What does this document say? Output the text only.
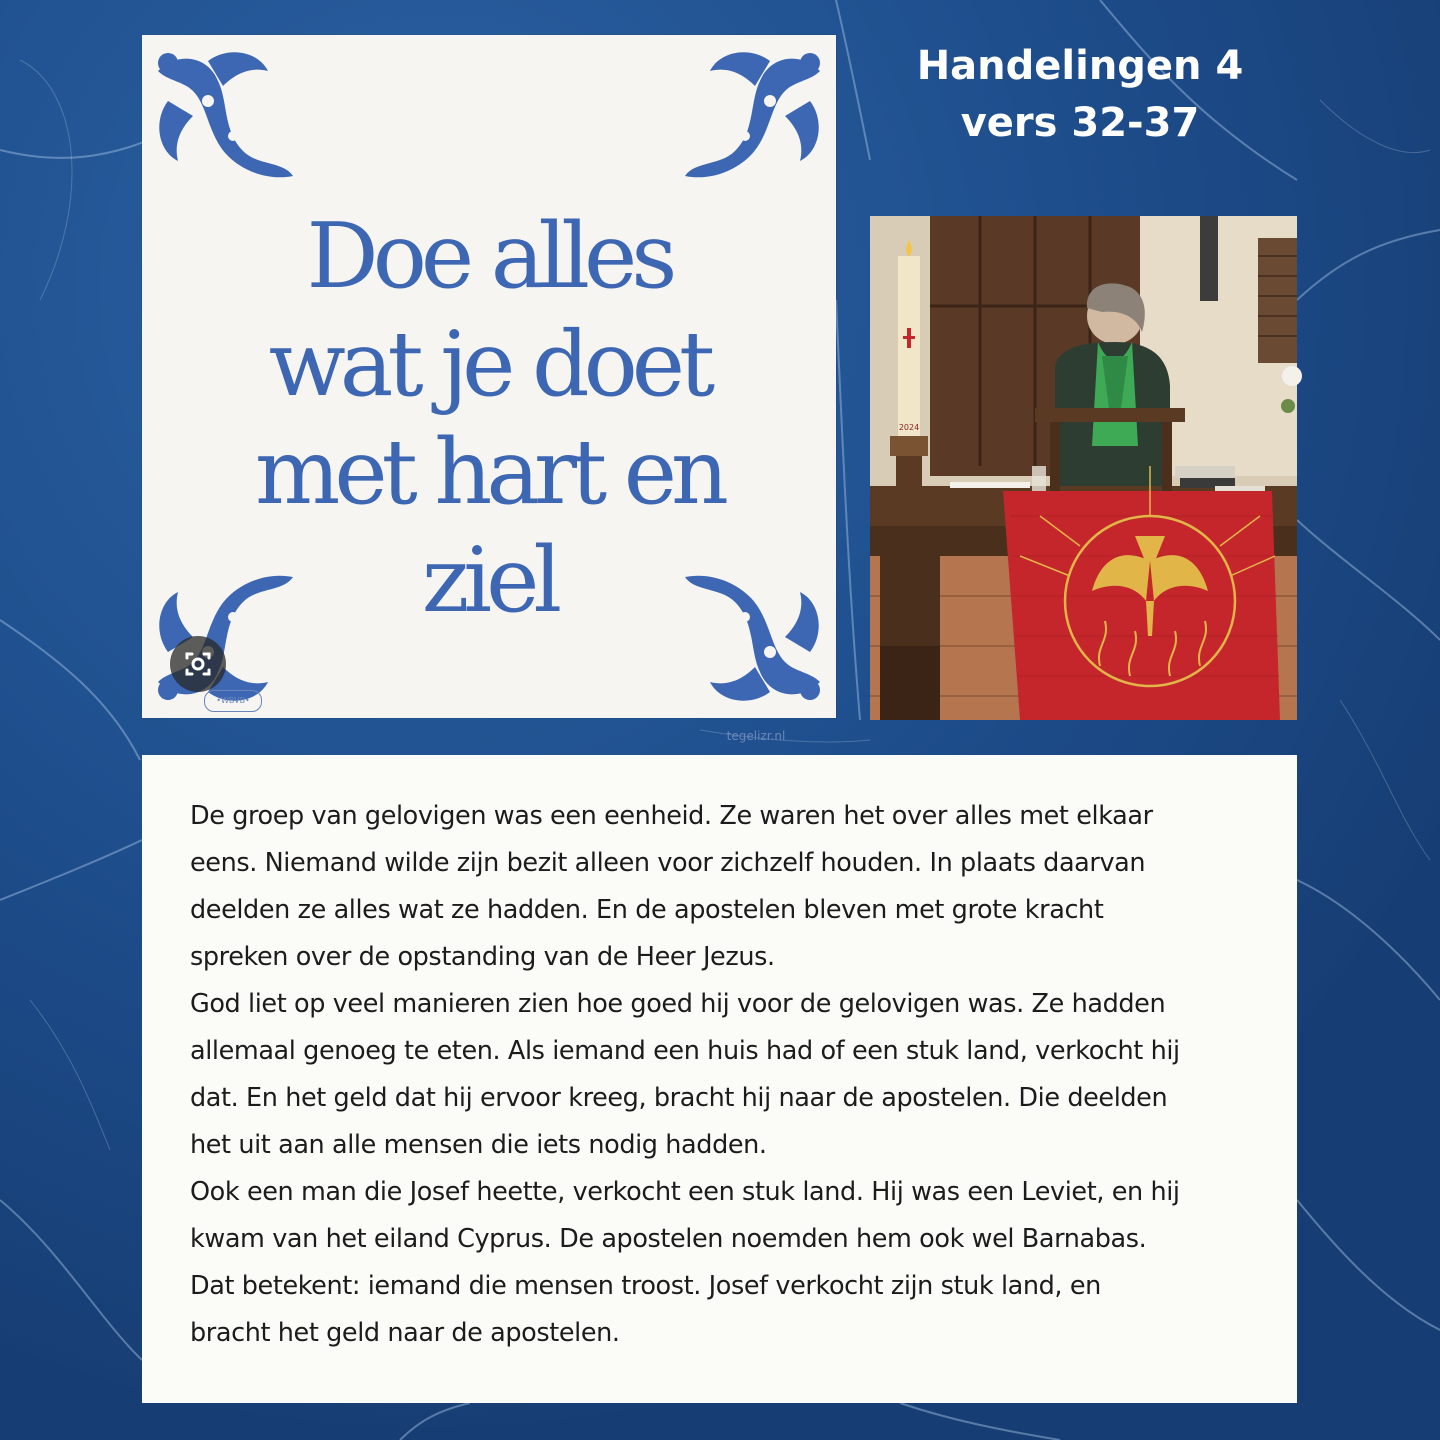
Doe alles
wat je doet
met hart en
ziel
•WBVB•
tegelizr.nl
Handelingen 4
vers 32-37
2024
De groep van gelovigen was een eenheid. Ze waren het over alles met elkaar
eens. Niemand wilde zijn bezit alleen voor zichzelf houden. In plaats daarvan
deelden ze alles wat ze hadden. En de apostelen bleven met grote kracht
spreken over de opstanding van de Heer Jezus.
God liet op veel manieren zien hoe goed hij voor de gelovigen was. Ze hadden
allemaal genoeg te eten. Als iemand een huis had of een stuk land, verkocht hij
dat. En het geld dat hij ervoor kreeg, bracht hij naar de apostelen. Die deelden
het uit aan alle mensen die iets nodig hadden.
Ook een man die Josef heette, verkocht een stuk land. Hij was een Leviet, en hij
kwam van het eiland Cyprus. De apostelen noemden hem ook wel Barnabas.
Dat betekent: iemand die mensen troost. Josef verkocht zijn stuk land, en
bracht het geld naar de apostelen.
